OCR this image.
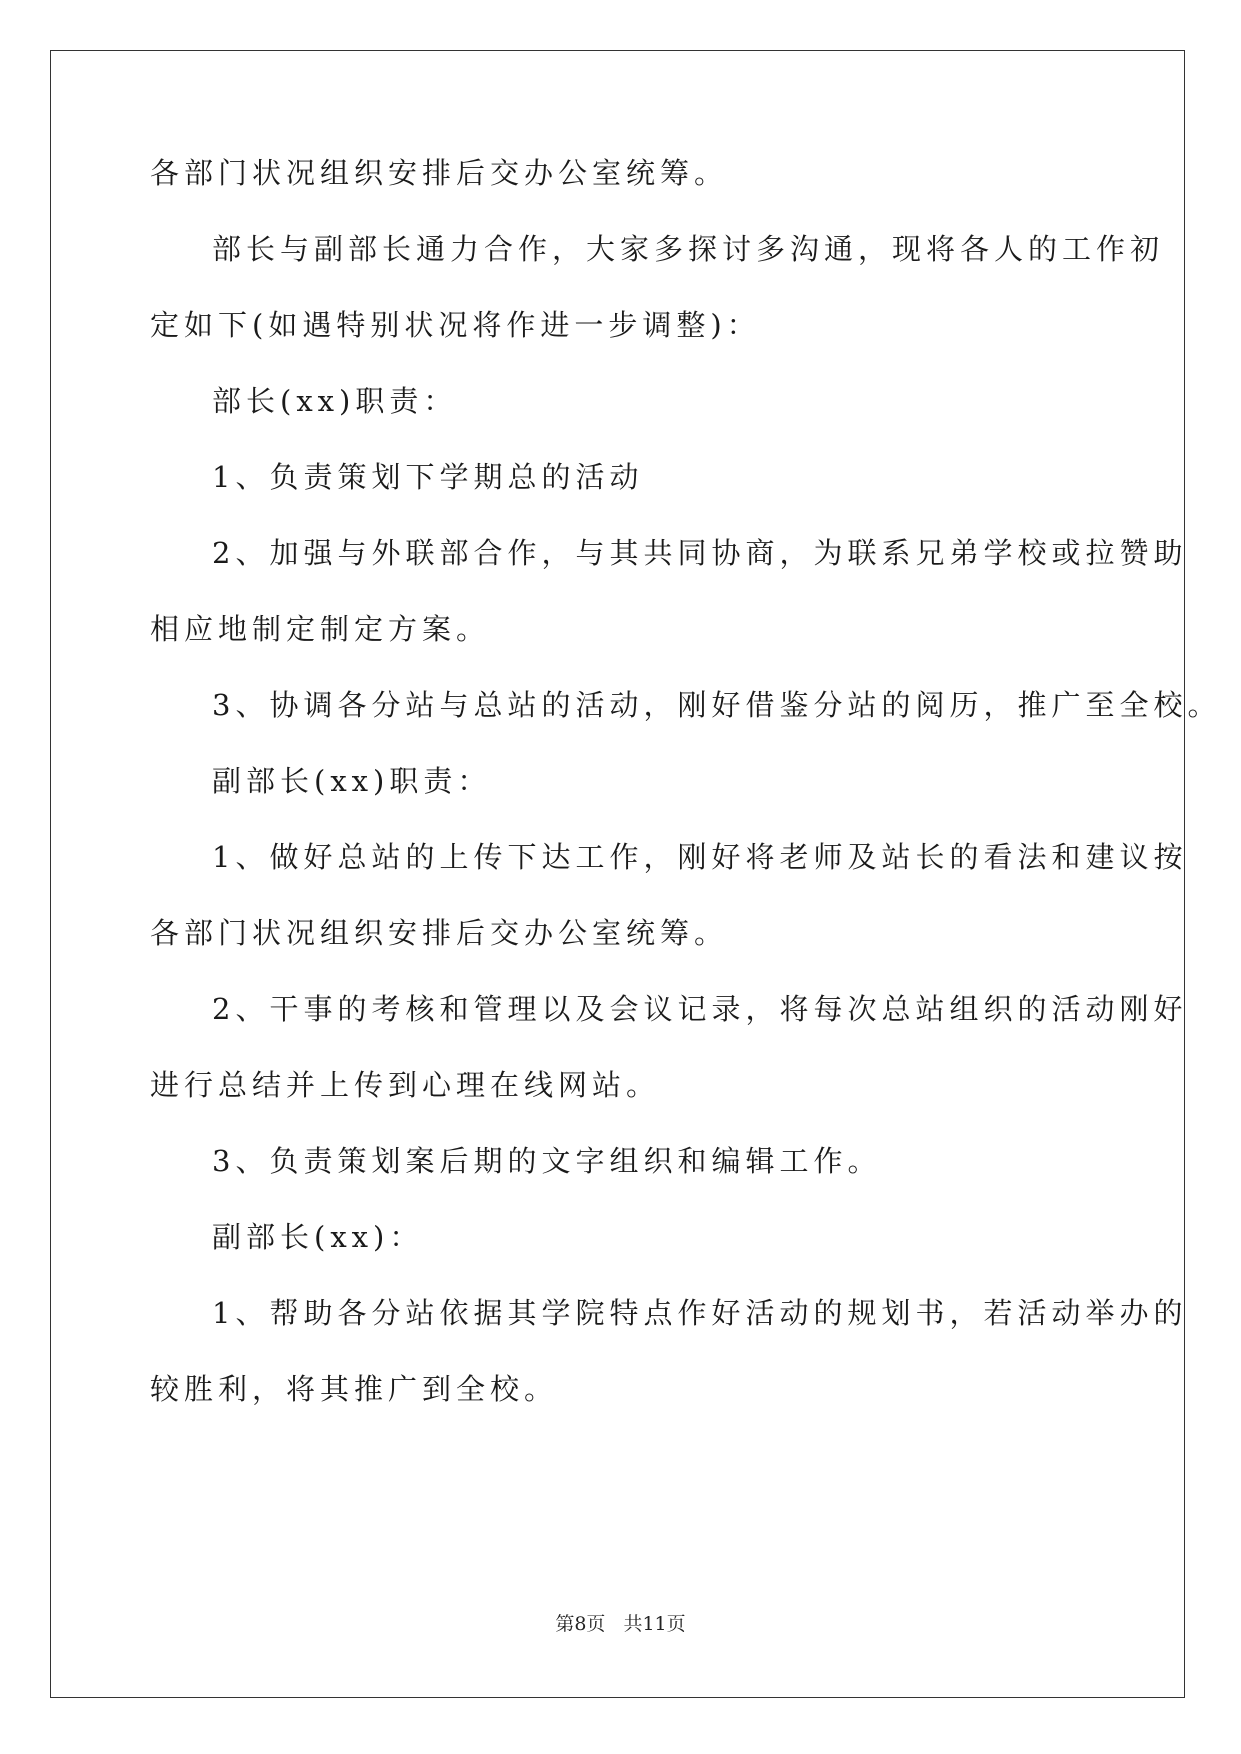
各部门状况组织安排后交办公室统筹。
部长与副部长通力合作，大家多探讨多沟通，现将各人的工作初
定如下(如遇特别状况将作进一步调整)：
部长(xx)职责：
1、负责策划下学期总的活动
2、加强与外联部合作，与其共同协商，为联系兄弟学校或拉赞助
相应地制定制定方案。
3、协调各分站与总站的活动，刚好借鉴分站的阅历，推广至全校。
副部长(xx)职责：
1、做好总站的上传下达工作，刚好将老师及站长的看法和建议按
各部门状况组织安排后交办公室统筹。
2、干事的考核和管理以及会议记录，将每次总站组织的活动刚好
进行总结并上传到心理在线网站。
3、负责策划案后期的文字组织和编辑工作。
副部长(xx)：
1、帮助各分站依据其学院特点作好活动的规划书，若活动举办的
较胜利，将其推广到全校。
第8页 共11页
